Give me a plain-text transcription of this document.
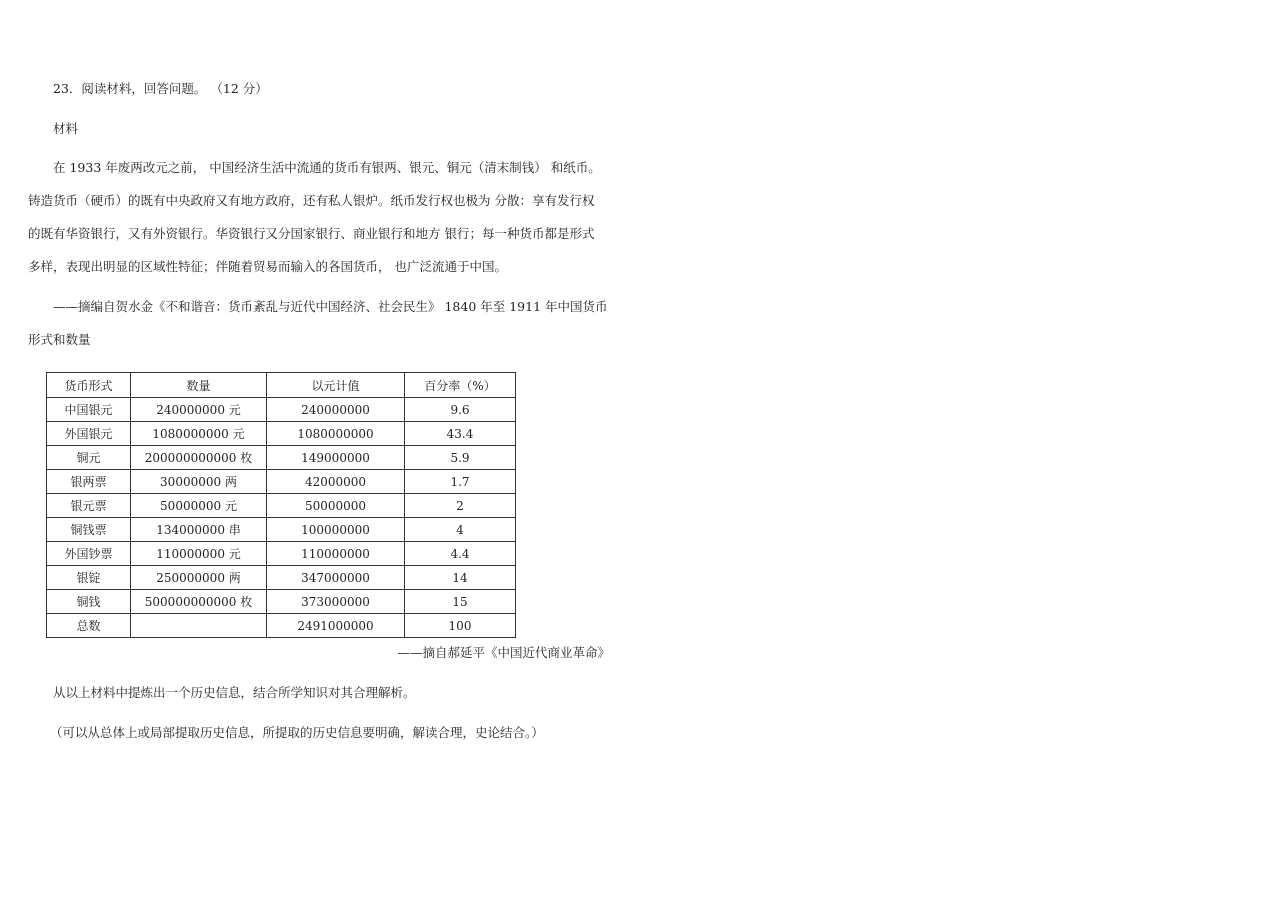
23．阅读材料，回答问题。 （12 分）
材料
在 1933 年废两改元之前， 中国经济生活中流通的货币有银两、银元、铜元（清末制钱） 和纸币。
铸造货币（硬币）的既有中央政府又有地方政府，还有私人银炉。纸币发行权也极为 分散：享有发行权
的既有华资银行，又有外资银行。华资银行又分国家银行、商业银行和地方 银行；每一种货币都是形式
多样，表现出明显的区域性特征；伴随着贸易而输入的各国货币， 也广泛流通于中国。
——摘编自贺水金《不和谐音：货币紊乱与近代中国经济、社会民生》 1840 年至 1911 年中国货币
形式和数量
货币形式	数量	以元计值	百分率（%）
中国银元	240000000 元	240000000	9.6
外国银元	1080000000 元	1080000000	43.4
铜元	200000000000 枚	149000000	5.9
银两票	30000000 两	42000000	1.7
银元票	50000000 元	50000000	2
铜钱票	134000000 串	100000000	4
外国钞票	110000000 元	110000000	4.4
银锭	250000000 两	347000000	14
铜钱	500000000000 枚	373000000	15
总数		2491000000	100
——摘自郝延平《中国近代商业革命》
从以上材料中提炼出一个历史信息，结合所学知识对其合理解析。
（可以从总体上或局部提取历史信息，所提取的历史信息要明确，解读合理，史论结合。）
